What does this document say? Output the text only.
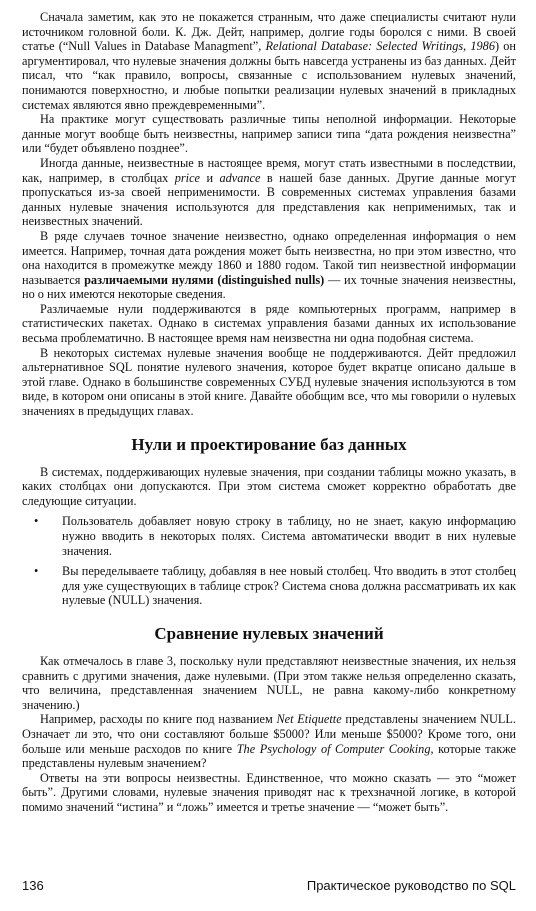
Сначала заметим, как это не покажется странным, что даже специалисты считают нули источником головной боли. К. Дж. Дейт, например, долгие годы боролся с ними. В своей статье (“Null Values in Database Managment”, Relational Database: Selected Writings, 1986) он аргументировал, что нулевые значения должны быть навсегда устранены из баз данных. Дейт писал, что “как правило, вопросы, связанные с использованием нулевых значений, понимаются поверхностно, и любые попытки реализации нулевых значений в прикладных системах являются явно преждевременными”.

На практике могут существовать различные типы неполной информации. Некоторые данные могут вообще быть неизвестны, например записи типа “дата рождения неизвестна” или “будет объявлено позднее”.

Иногда данные, неизвестные в настоящее время, могут стать известными в последствии, как, например, в столбцах price и advance в нашей базе данных. Другие данные могут пропускаться из-за своей неприменимости. В современных системах управления базами данных нулевые значения используются для представления как неприменимых, так и неизвестных значений.

В ряде случаев точное значение неизвестно, однако определенная информация о нем имеется. Например, точная дата рождения может быть неизвестна, но при этом известно, что она находится в промежутке между 1860 и 1880 годом. Такой тип неизвестной информации называется различаемыми нулями (distinguished nulls) — их точные значения неизвестны, но о них имеются некоторые сведения.

Различаемые нули поддерживаются в ряде компьютерных программ, например в статистических пакетах. Однако в системах управления базами данных их использование весьма проблематично. В настоящее время нам неизвестна ни одна подобная система.

В некоторых системах нулевые значения вообще не поддерживаются. Дейт предложил альтернативное SQL понятие нулевого значения, которое будет вкратце описано дальше в этой главе. Однако в большинстве современных СУБД нулевые значения используются в том виде, в котором они описаны в этой книге. Давайте обобщим все, что мы говорили о нулевых значениях в предыдущих главах.

Нули и проектирование баз данных

В системах, поддерживающих нулевые значения, при создании таблицы можно указать, в каких столбцах они допускаются. При этом система сможет корректно обработать две следующие ситуации.

• Пользователь добавляет новую строку в таблицу, но не знает, какую информацию нужно вводить в некоторых полях. Система автоматически вводит в них нулевые значения.
• Вы переделываете таблицу, добавляя в нее новый столбец. Что вводить в этот столбец для уже существующих в таблице строк? Система снова должна рассматривать их как нулевые (NULL) значения.
Сравнение нулевых значений

Как отмечалось в главе 3, поскольку нули представляют неизвестные значения, их нельзя сравнить с другими значения, даже нулевыми. (При этом также нельзя определенно сказать, что величина, представленная значением NULL, не равна какому-либо конкретному значению.)

Например, расходы по книге под названием Net Etiquette представлены значением NULL. Означает ли это, что они составляют больше $5000? Или меньше $5000? Кроме того, они больше или меньше расходов по книге The Psychology of Computer Cooking, которые также представлены нулевым значением?

Ответы на эти вопросы неизвестны. Единственное, что можно сказать — это “может быть”. Другими словами, нулевые значения приводят нас к трехзначной логике, в которой помимо значений “истина” и “ложь” имеется и третье значение — “может быть”.

136	Практическое руководство по SQL
